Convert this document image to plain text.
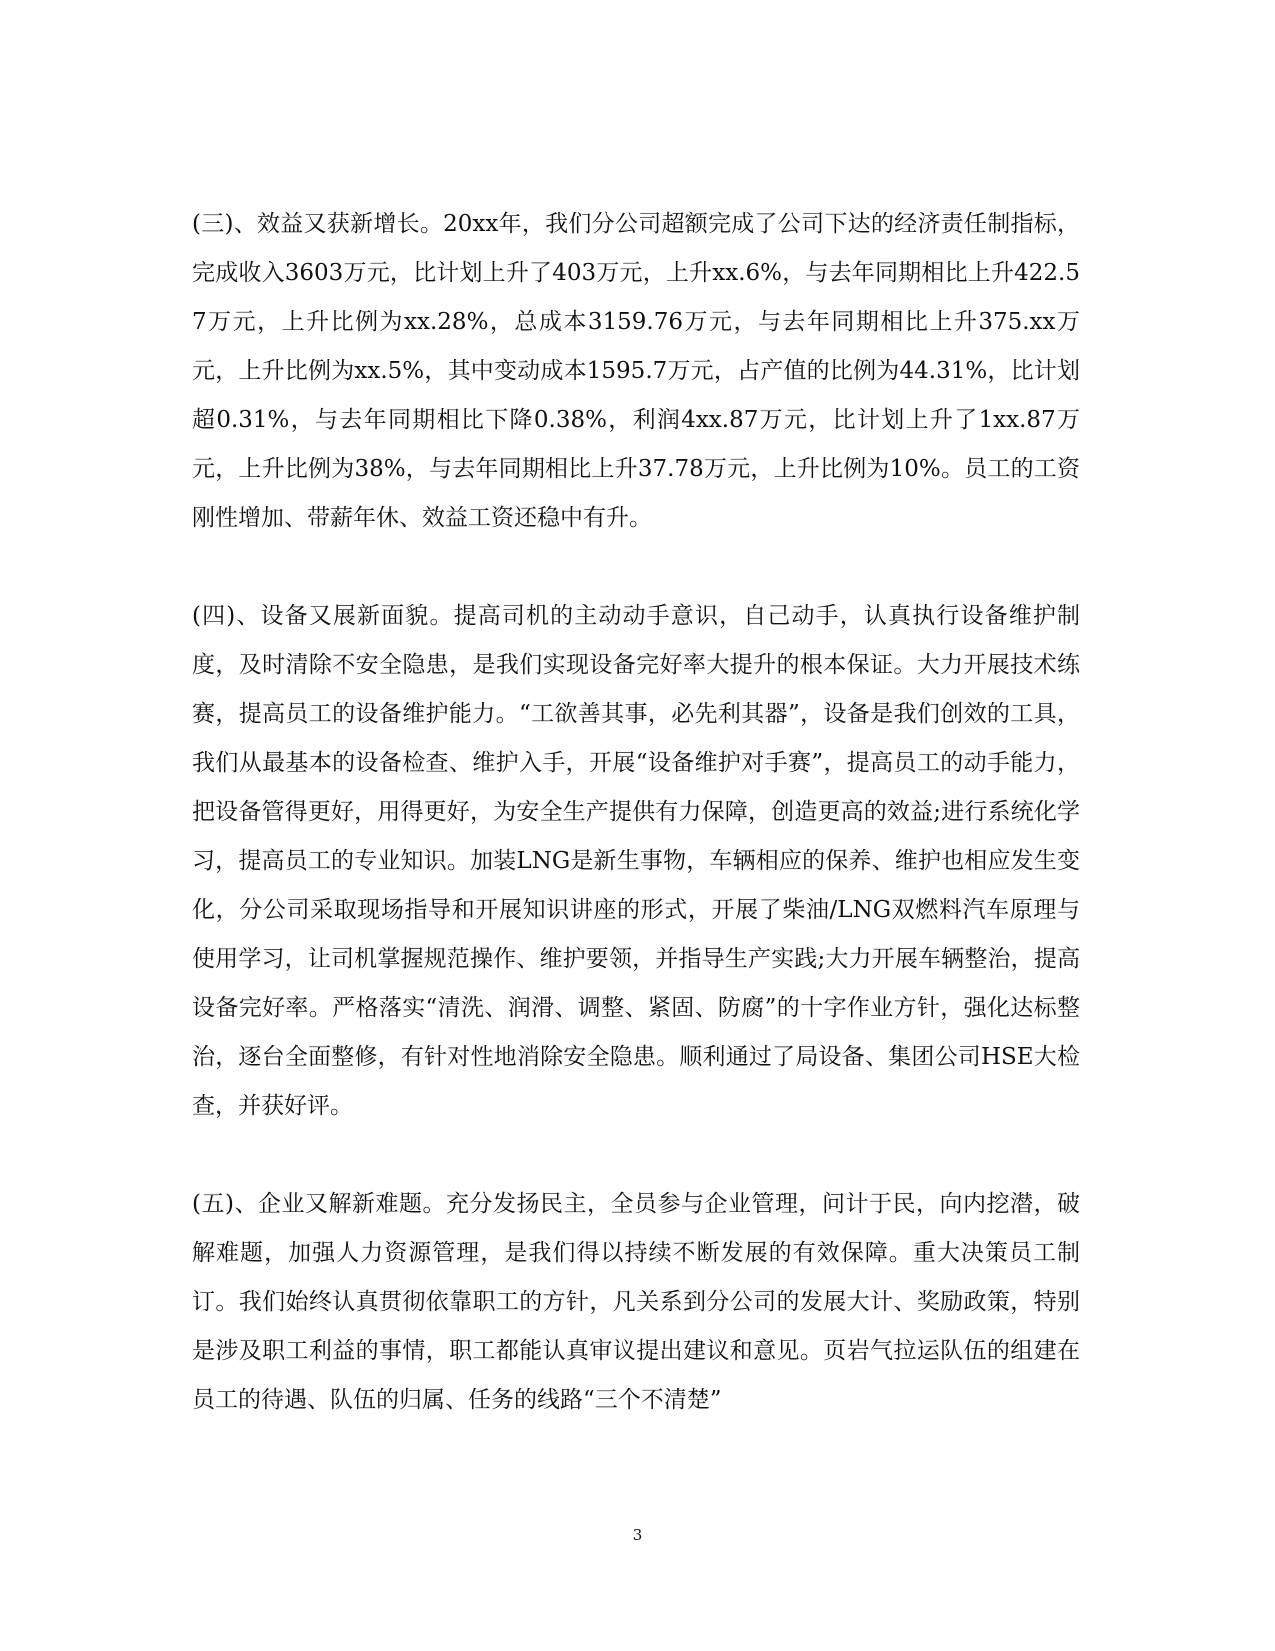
(三)、效益又获新增长。20xx年，我们分公司超额完成了公司下达的经济责任制指标，完成收入3603万元，比计划上升了403万元，上升xx.6%，与去年同期相比上升422.57万元，上升比例为xx.28%，总成本3159.76万元，与去年同期相比上升375.xx万元，上升比例为xx.5%，其中变动成本1595.7万元，占产值的比例为44.31%，比计划超0.31%，与去年同期相比下降0.38%，利润4xx.87万元，比计划上升了1xx.87万元，上升比例为38%，与去年同期相比上升37.78万元，上升比例为10%。员工的工资刚性增加、带薪年休、效益工资还稳中有升。

(四)、设备又展新面貌。提高司机的主动动手意识，自己动手，认真执行设备维护制度，及时清除不安全隐患，是我们实现设备完好率大提升的根本保证。大力开展技术练赛，提高员工的设备维护能力。“工欲善其事，必先利其器”，设备是我们创效的工具，我们从最基本的设备检查、维护入手，开展“设备维护对手赛”，提高员工的动手能力，把设备管得更好，用得更好，为安全生产提供有力保障，创造更高的效益;进行系统化学习，提高员工的专业知识。加装LNG是新生事物，车辆相应的保养、维护也相应发生变化，分公司采取现场指导和开展知识讲座的形式，开展了柴油/LNG双燃料汽车原理与使用学习，让司机掌握规范操作、维护要领，并指导生产实践;大力开展车辆整治，提高设备完好率。严格落实“清洗、润滑、调整、紧固、防腐”的十字作业方针，强化达标整治，逐台全面整修，有针对性地消除安全隐患。顺利通过了局设备、集团公司HSE大检查，并获好评。

(五)、企业又解新难题。充分发扬民主，全员参与企业管理，问计于民，向内挖潜，破解难题，加强人力资源管理，是我们得以持续不断发展的有效保障。重大决策员工制订。我们始终认真贯彻依靠职工的方针，凡关系到分公司的发展大计、奖励政策，特别是涉及职工利益的事情，职工都能认真审议提出建议和意见。页岩气拉运队伍的组建在员工的待遇、队伍的归属、任务的线路“三个不清楚”

3
